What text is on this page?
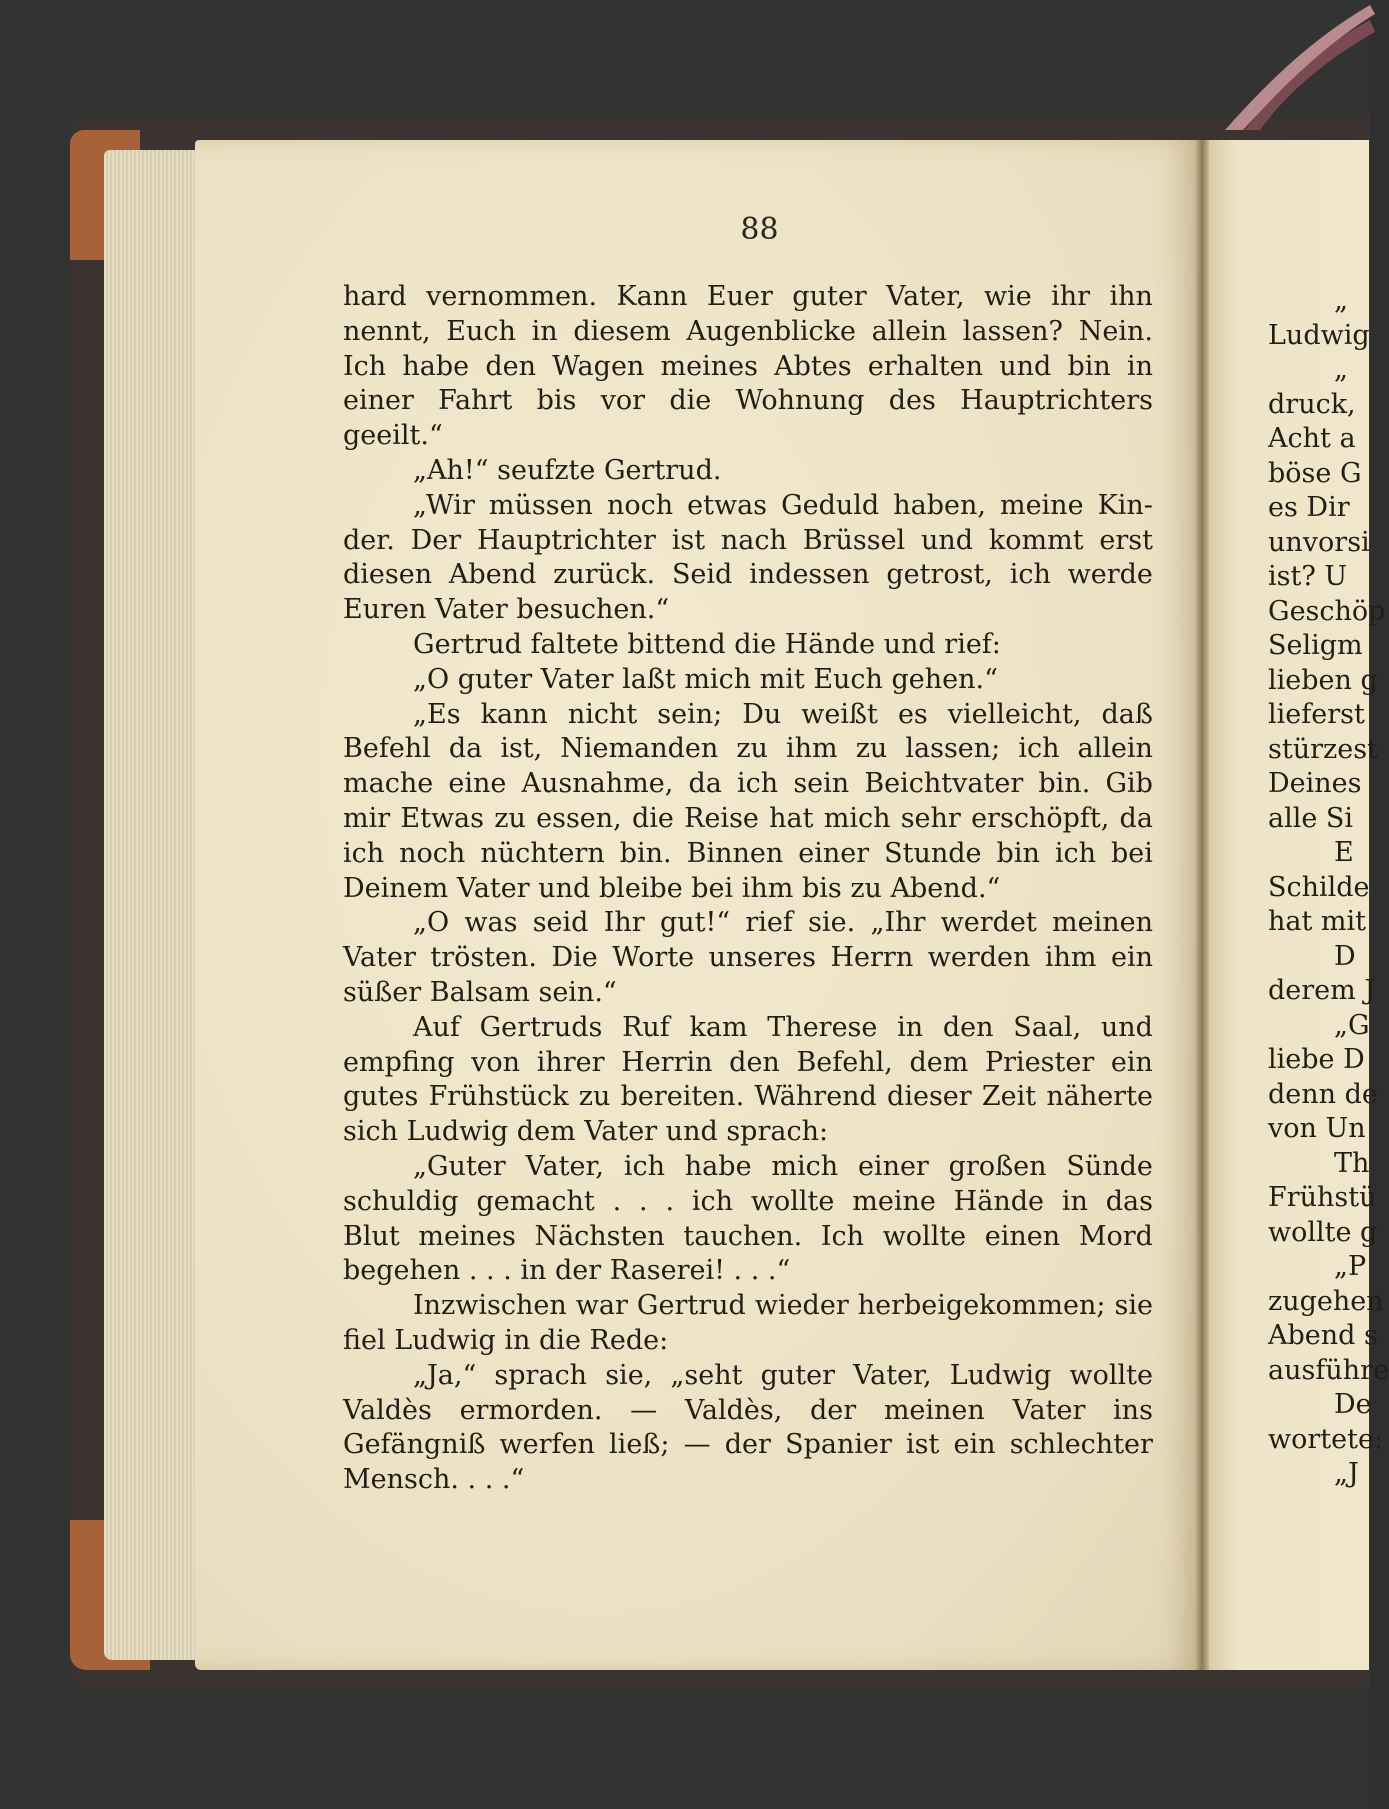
88
hard vernommen. Kann Euer guter Vater, wie ihr ihn
nennt, Euch in diesem Augenblicke allein lassen? Nein.
Ich habe den Wagen meines Abtes erhalten und bin in
einer Fahrt bis vor die Wohnung des Hauptrichters
geeilt.“
„Ah!“ seufzte Gertrud.
„Wir müssen noch etwas Geduld haben, meine Kin-
der. Der Hauptrichter ist nach Brüssel und kommt erst
diesen Abend zurück. Seid indessen getrost, ich werde
Euren Vater besuchen.“
Gertrud faltete bittend die Hände und rief:
„O guter Vater laßt mich mit Euch gehen.“
„Es kann nicht sein; Du weißt es vielleicht, daß
Befehl da ist, Niemanden zu ihm zu lassen; ich allein
mache eine Ausnahme, da ich sein Beichtvater bin. Gib
mir Etwas zu essen, die Reise hat mich sehr erschöpft, da
ich noch nüchtern bin. Binnen einer Stunde bin ich bei
Deinem Vater und bleibe bei ihm bis zu Abend.“
„O was seid Ihr gut!“ rief sie. „Ihr werdet meinen
Vater trösten. Die Worte unseres Herrn werden ihm ein
süßer Balsam sein.“
Auf Gertruds Ruf kam Therese in den Saal, und
empfing von ihrer Herrin den Befehl, dem Priester ein
gutes Frühstück zu bereiten. Während dieser Zeit näherte
sich Ludwig dem Vater und sprach:
„Guter Vater, ich habe mich einer großen Sünde
schuldig gemacht . . . ich wollte meine Hände in das
Blut meines Nächsten tauchen. Ich wollte einen Mord
begehen . . . in der Raserei! . . .“
Inzwischen war Gertrud wieder herbeigekommen; sie
fiel Ludwig in die Rede:
„Ja,“ sprach sie, „seht guter Vater, Ludwig wollte
Valdès ermorden. — Valdès, der meinen Vater ins
Gefängniß werfen ließ; — der Spanier ist ein schlechter
Mensch. . . .“
„
Ludwig
„
druck,
Acht a
böse G
es Dir
unvorsi
ist? U
Geschöp
Seligm
lieben g
lieferst
stürzest
Deines
alle Si
E
Schilde
hat mit
D
derem J
„G
liebe D
denn de
von Un
Th
Frühstü
wollte g
„P
zugehen
Abend s
ausführe
De
wortete:
„J
